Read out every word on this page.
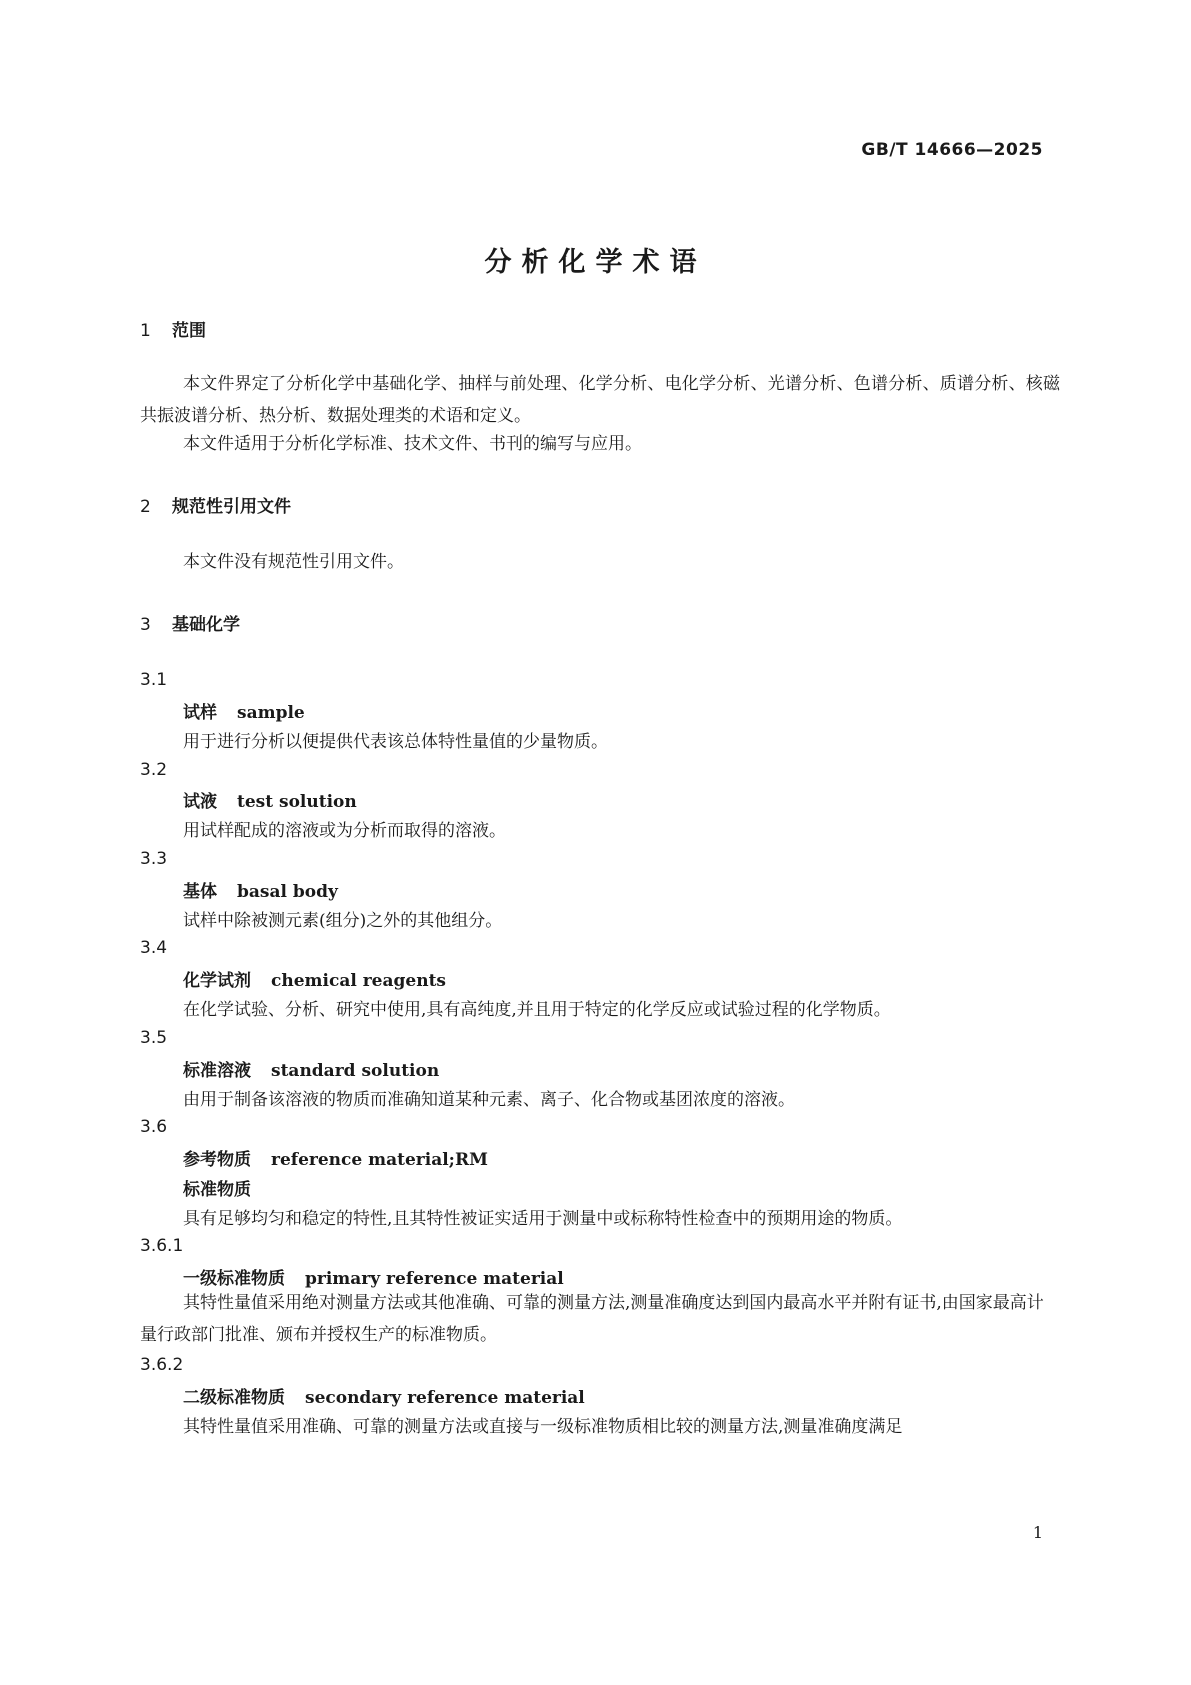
GB/T 14666—2025
分析化学术语
1 范围
本文件界定了分析化学中基础化学、抽样与前处理、化学分析、电化学分析、光谱分析、色谱分析、质谱分析、核磁共振波谱分析、热分析、数据处理类的术语和定义。
本文件适用于分析化学标准、技术文件、书刊的编写与应用。
2 规范性引用文件
本文件没有规范性引用文件。
3 基础化学
3.1
试样 sample
用于进行分析以便提供代表该总体特性量值的少量物质。
3.2
试液 test solution
用试样配成的溶液或为分析而取得的溶液。
3.3
基体 basal body
试样中除被测元素(组分)之外的其他组分。
3.4
化学试剂 chemical reagents
在化学试验、分析、研究中使用,具有高纯度,并且用于特定的化学反应或试验过程的化学物质。
3.5
标准溶液 standard solution
由用于制备该溶液的物质而准确知道某种元素、离子、化合物或基团浓度的溶液。
3.6
参考物质 reference material;RM
标准物质
具有足够均匀和稳定的特性,且其特性被证实适用于测量中或标称特性检查中的预期用途的物质。
3.6.1
一级标准物质 primary reference material
其特性量值采用绝对测量方法或其他准确、可靠的测量方法,测量准确度达到国内最高水平并附有证书,由国家最高计量行政部门批准、颁布并授权生产的标准物质。
3.6.2
二级标准物质 secondary reference material
其特性量值采用准确、可靠的测量方法或直接与一级标准物质相比较的测量方法,测量准确度满足
1
